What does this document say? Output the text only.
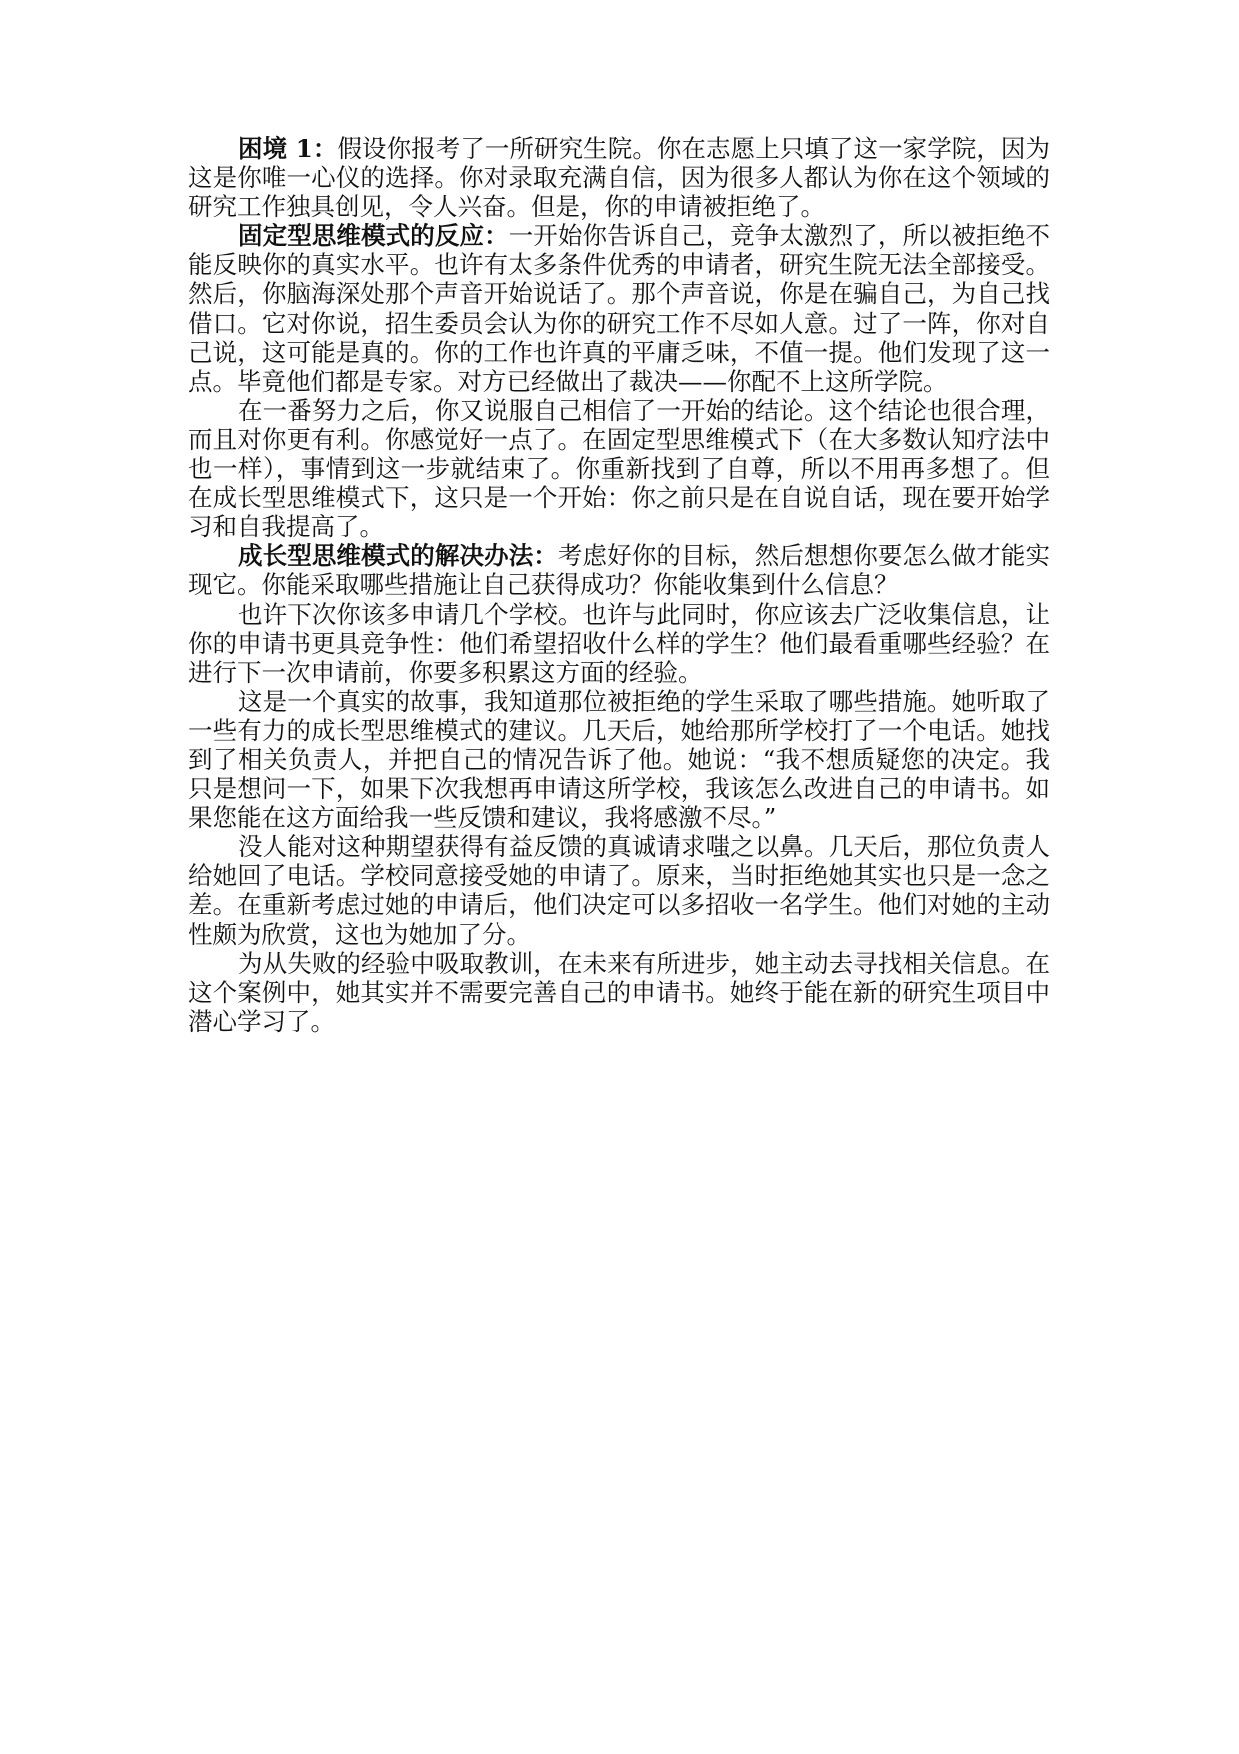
困境 1：假设你报考了一所研究生院。你在志愿上只填了这一家学院，因为
这是你唯一心仪的选择。你对录取充满自信，因为很多人都认为你在这个领域的
研究工作独具创见，令人兴奋。但是，你的申请被拒绝了。
固定型思维模式的反应：一开始你告诉自己，竞争太激烈了，所以被拒绝不
能反映你的真实水平。也许有太多条件优秀的申请者，研究生院无法全部接受。
然后，你脑海深处那个声音开始说话了。那个声音说，你是在骗自己，为自己找
借口。它对你说，招生委员会认为你的研究工作不尽如人意。过了一阵，你对自
己说，这可能是真的。你的工作也许真的平庸乏味，不值一提。他们发现了这一
点。毕竟他们都是专家。对方已经做出了裁决——你配不上这所学院。
在一番努力之后，你又说服自己相信了一开始的结论。这个结论也很合理，
而且对你更有利。你感觉好一点了。在固定型思维模式下（在大多数认知疗法中
也一样），事情到这一步就结束了。你重新找到了自尊，所以不用再多想了。但
在成长型思维模式下，这只是一个开始：你之前只是在自说自话，现在要开始学
习和自我提高了。
成长型思维模式的解决办法：考虑好你的目标，然后想想你要怎么做才能实
现它。你能采取哪些措施让自己获得成功？你能收集到什么信息？
也许下次你该多申请几个学校。也许与此同时，你应该去广泛收集信息，让
你的申请书更具竞争性：他们希望招收什么样的学生？他们最看重哪些经验？在
进行下一次申请前，你要多积累这方面的经验。
这是一个真实的故事，我知道那位被拒绝的学生采取了哪些措施。她听取了
一些有力的成长型思维模式的建议。几天后，她给那所学校打了一个电话。她找
到了相关负责人，并把自己的情况告诉了他。她说：“我不想质疑您的决定。我
只是想问一下，如果下次我想再申请这所学校，我该怎么改进自己的申请书。如
果您能在这方面给我一些反馈和建议，我将感激不尽。”
没人能对这种期望获得有益反馈的真诚请求嗤之以鼻。几天后，那位负责人
给她回了电话。学校同意接受她的申请了。原来，当时拒绝她其实也只是一念之
差。在重新考虑过她的申请后，他们决定可以多招收一名学生。他们对她的主动
性颇为欣赏，这也为她加了分。
为从失败的经验中吸取教训，在未来有所进步，她主动去寻找相关信息。在
这个案例中，她其实并不需要完善自己的申请书。她终于能在新的研究生项目中
潜心学习了。
